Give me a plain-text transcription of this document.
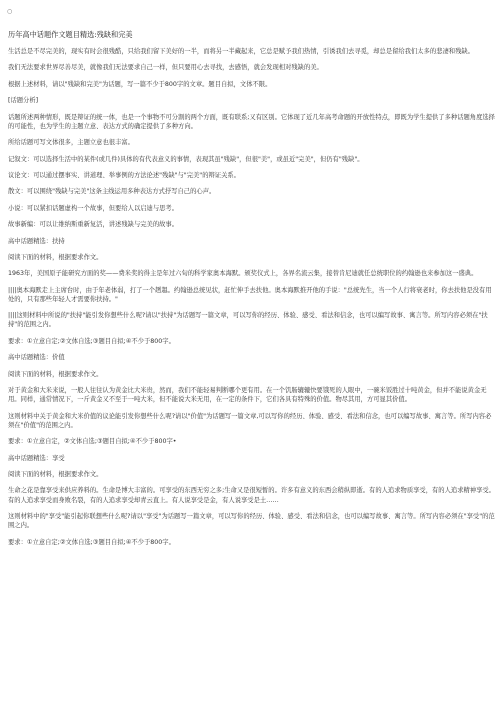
○
历年高中话题作文题目精选:残缺和完美
生活总是不尽完美的，现实有时会很残酷，只给我们留下美好的一半，而将另一半藏起来，它总是赋予我们热情，引诱我们去寻觅，却总是留给我们太多的悲凄和残缺。
我们无法要求世界尽善尽美，就像我们无法要求自己一样，但只要用心去寻找，去感悟，就会发现相对残缺的美。
根据上述材料，请以"残缺和完美"为话题，写一篇不少于800字的文章。题目自拟，文体不限。
[话题分析]
话题所述两种情形，既是辩证的统一体，也是一个事物不可分割的两个方面，既有联系;又有区别。它体现了近几年高考命题的开放性特点，即既为学生提供了多种话题角度选择的可能性，也为学生的主题立意、表达方式的确定提供了多种方向。
所给话题可写文体很多，主题立意也很丰富。
记叙文：可以选择生活中的某件(或几件)具体的有代表意义的事情，表现其虽"残缺"，但很"美"，或虽近"完美"，但仍有"残缺"。
议论文：可以通过摆事实、讲道理、举事例的方法论述"残缺"与"完美"的辩证关系。
散文：可以围绕"残缺与完美"这条主线运用多种表达方式抒写自己的心声。
小说：可以紧扣话题虚构一个故事，但要给人以启迪与思考。
故事新编：可以让维纳斯重新复活，讲述残缺与完美的故事。
高中话题精选：扶持
阅读下面的材料，根据要求作文。
1963年，美国原子能研究方面的奖——费米奖的得主是年过六旬的科学家奥本海默。颁奖仪式上，各界名流云集，接替肯尼迪就任总统职位的约翰逊也来参加这一盛典。
||||奥本海默走上主席台时，由于年老体弱，打了一个趔趄。约翰逊总统见状，赶忙伸手去扶他。奥本海默推开他的手说："总统先生，当一个人行将衰老时，你去扶他是没有用处的，只有那些年轻人才需要你扶持。"
||||这则材料中所说的"扶持"能引发你想些什么呢?请以"扶持"为话题写一篇文章，可以写你的经历、体验、感受、看法和信念，也可以编写故事、寓言等。所写内容必须在"扶持"的范围之内。
要求：①立意自定;②文体自选;③题目自拟;④不少于800字。
高中话题精选：价值
阅读下面的材料，根据要求作文。
对于黄金和大米来说，一般人往往认为黄金比大米贵，然而，我们不能轻易判断哪个更有用。在一个饥肠辘辘快要饿死的人眼中，一碗米饭胜过十吨黄金，但并不能说黄金无用。同样，通常情况下，一斤黄金又不至于一吨大米，但不能说大米无用，在一定的条件下，它们各具有特殊的价值。物尽其用，方可显其价值。
这则材料中关于黄金和大米价值的议论能引发你想些什么呢?请以"价值"为话题写一篇文章,可以写你的经历、体验、感受、看法和信念，也可以编写故事、寓言等。所写内容必须在"价值"的范围之内。
要求：①立意自定，②文体自选;③题目自拟;④不少于800字•
高中话题精选：享受
阅读下面的材料，根据要求作文。
生命之花是靠享受来供应养料的。生命是博大丰富的。可享受的东西无穷之多;生命又是很短暂的。许多有意义的东西会稍纵即逝。有的人追求物质享受，有的人追求精神享受。有的人追求享受而身败名裂，有的人追求享受却青云直上。有人说享受是金，有人说享受是土……
这则材料中的"享受"能引起你联想些什么呢?请以"享受"为话题写一篇文章，可以写你的经历、体验、感受、看法和信念，也可以编写故事、寓言等。所写内容必须在"享受"的范围之内。
要求：①立意自定;②文体自选;③题目自拟;④不少于800字。
